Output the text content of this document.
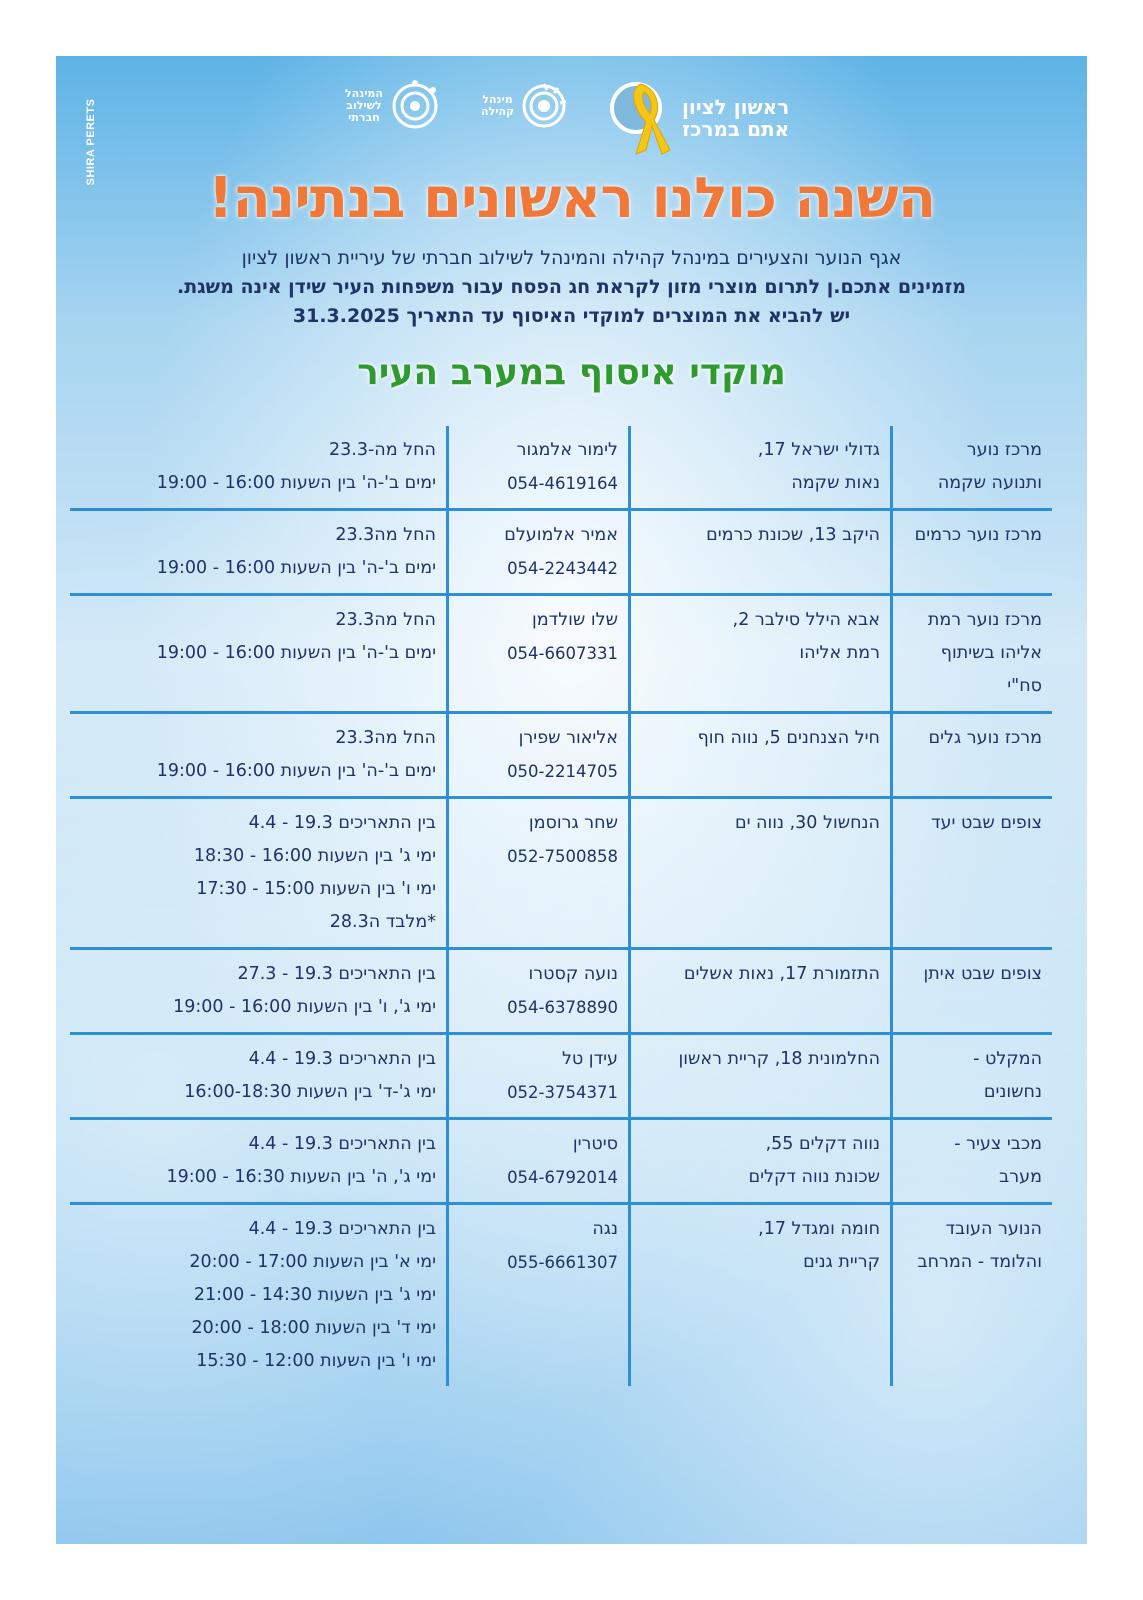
SHIRA PERETS	ראשון לציון
אתם במרכז
מינהל
קהילה
המינהל
לשילוב
חברתי
השנה כולנו ראשונים בנתינה!
אגף הנוער והצעירים במינהל קהילה והמינהל לשילוב חברתי של עיריית ראשון לציון
מזמינים אתכם.ן לתרום מוצרי מזון לקראת חג הפסח עבור משפחות העיר שידן אינה משגת.
יש להביא את המוצרים למוקדי האיסוף עד התאריך 31.3.2025
מוקדי איסוף במערב העיר
מרכז נוער
ותנועה שקמה
גדולי ישראל 17,
נאות שקמה
לימור אלמגור
054-4619164
החל מה-23.3
ימים ב'-ה' בין השעות 16:00 - 19:00
מרכז נוער כרמים
היקב 13, שכונת כרמים
אמיר אלמועלם
054-2243442
החל מה23.3
ימים ב'-ה' בין השעות 16:00 - 19:00
מרכז נוער רמת
אליהו בשיתוף
סח"י
אבא הילל סילבר 2,
רמת אליהו
שלו שולדמן
054-6607331
החל מה23.3
ימים ב'-ה' בין השעות 16:00 - 19:00
מרכז נוער גלים
חיל הצנחנים 5, נווה חוף
אליאור שפירן
050-2214705
החל מה23.3
ימים ב'-ה' בין השעות 16:00 - 19:00
צופים שבט יעד
הנחשול 30, נווה ים
שחר גרוסמן
052-7500858
בין התאריכים 19.3 - 4.4
ימי ג' בין השעות 16:00 - 18:30
ימי ו' בין השעות 15:00 - 17:30
*מלבד ה28.3
צופים שבט איתן
התזמורת 17, נאות אשלים
נועה קסטרו
054-6378890
בין התאריכים 19.3 - 27.3
ימי ג', ו' בין השעות 16:00 - 19:00
המקלט -
נחשונים
החלמונית 18, קריית ראשון
עידן טל
052-3754371
בין התאריכים 19.3 - 4.4
ימי ג'-ד' בין השעות 16:00-18:30
מכבי צעיר -
מערב
נווה דקלים 55,
שכונת נווה דקלים
סיטרין
054-6792014
בין התאריכים 19.3 - 4.4
ימי ג', ה' בין השעות 16:30 - 19:00
הנוער העובד
והלומד - המרחב
חומה ומגדל 17,
קריית גנים
נגה
055-6661307
בין התאריכים 19.3 - 4.4
ימי א' בין השעות 17:00 - 20:00
ימי ג' בין השעות 14:30 - 21:00
ימי ד' בין השעות 18:00 - 20:00
ימי ו' בין השעות 12:00 - 15:30
